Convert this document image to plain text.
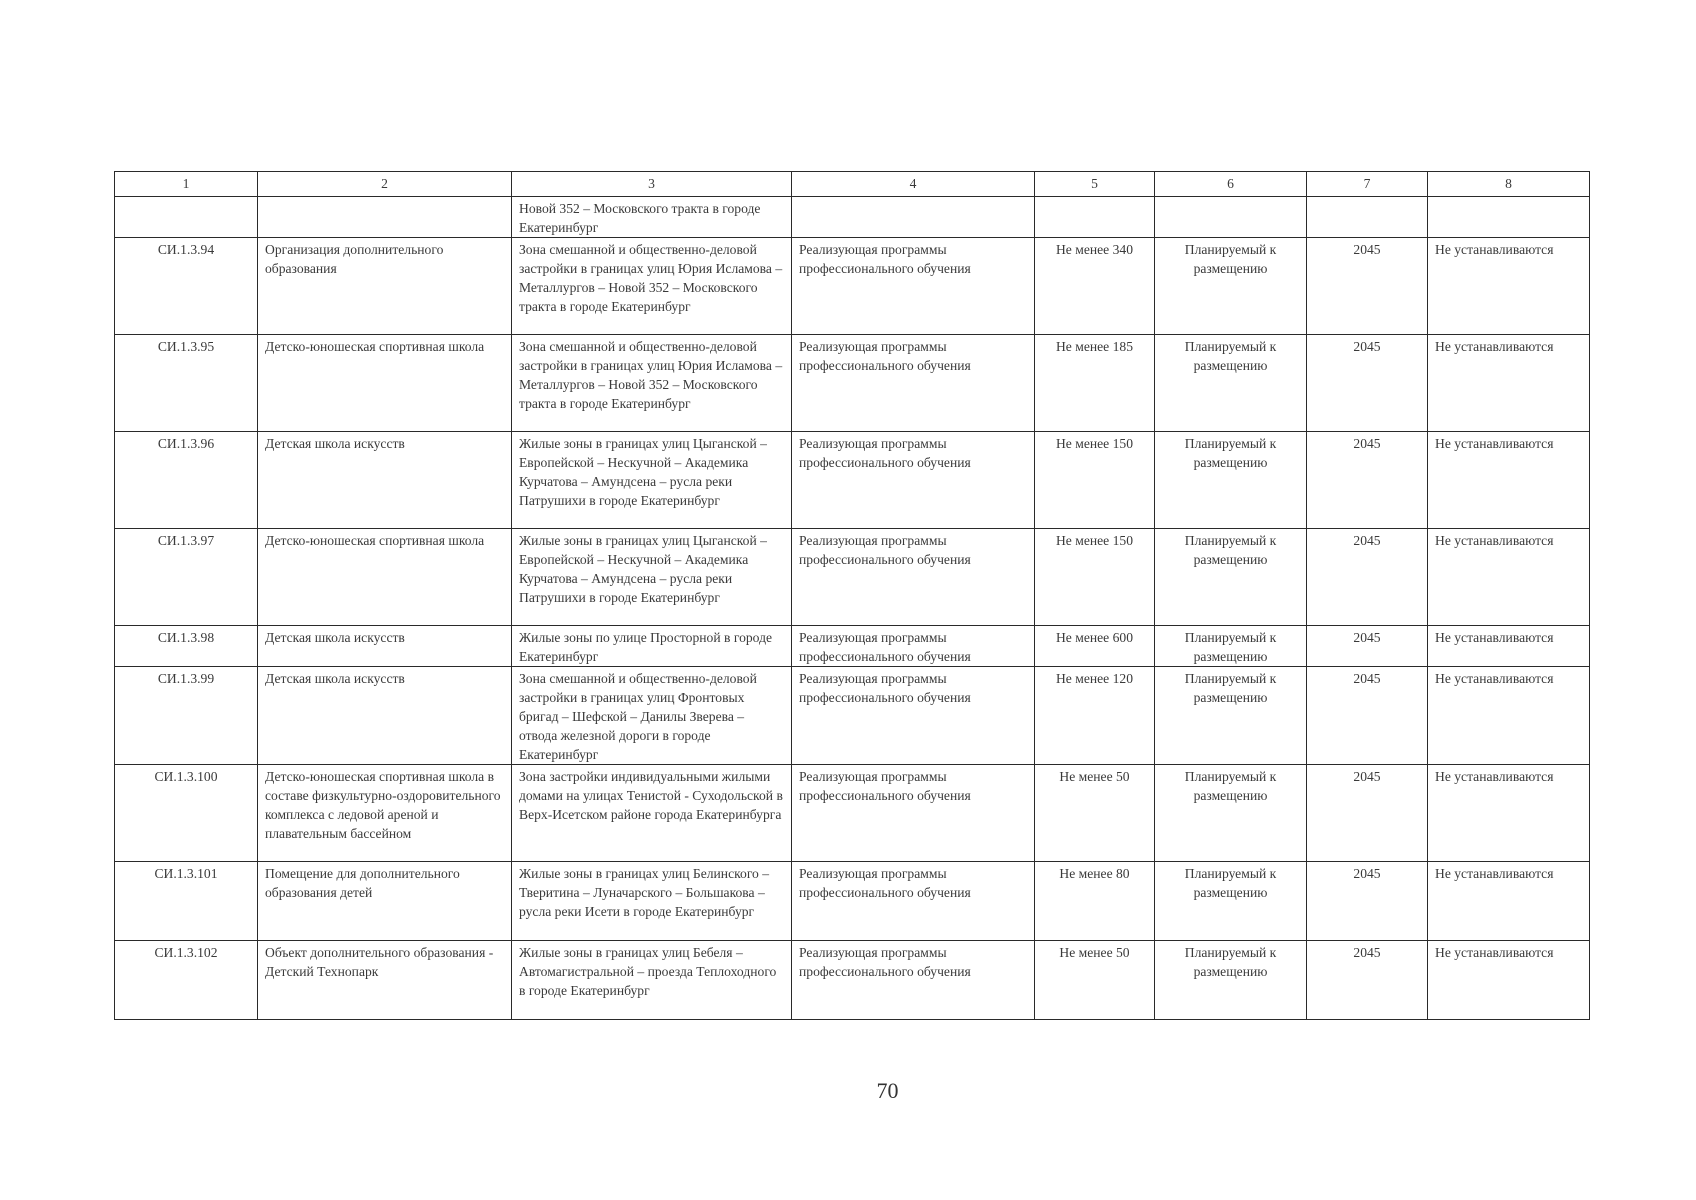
1	2	3	4	5	6	7	8
		Новой 352 – Московского тракта в городе Екатеринбург					
СИ.1.3.94	Организация дополнительного образования	Зона смешанной и общественно-деловой застройки в границах улиц Юрия Исламова – Металлургов – Новой 352 – Московского тракта в городе Екатеринбург	Реализующая программы профессионального обучения	Не менее 340	Планируемый к размещению	2045	Не устанавливаются
СИ.1.3.95	Детско-юношеская спортивная школа	Зона смешанной и общественно-деловой застройки в границах улиц Юрия Исламова – Металлургов – Новой 352 – Московского тракта в городе Екатеринбург	Реализующая программы профессионального обучения	Не менее 185	Планируемый к размещению	2045	Не устанавливаются
СИ.1.3.96	Детская школа искусств	Жилые зоны в границах улиц Цыганской – Европейской – Нескучной – Академика Курчатова – Амундсена – русла реки Патрушихи в городе Екатеринбург	Реализующая программы профессионального обучения	Не менее 150	Планируемый к размещению	2045	Не устанавливаются
СИ.1.3.97	Детско-юношеская спортивная школа	Жилые зоны в границах улиц Цыганской – Европейской – Нескучной – Академика Курчатова – Амундсена – русла реки Патрушихи в городе Екатеринбург	Реализующая программы профессионального обучения	Не менее 150	Планируемый к размещению	2045	Не устанавливаются
СИ.1.3.98	Детская школа искусств	Жилые зоны по улице Просторной в городе Екатеринбург	Реализующая программы профессионального обучения	Не менее 600	Планируемый к размещению	2045	Не устанавливаются
СИ.1.3.99	Детская школа искусств	Зона смешанной и общественно-деловой застройки в границах улиц Фронтовых бригад – Шефской – Данилы Зверева – отвода железной дороги в городе Екатеринбург	Реализующая программы профессионального обучения	Не менее 120	Планируемый к размещению	2045	Не устанавливаются
СИ.1.3.100	Детско-юношеская спортивная школа в составе физкультурно-оздоровительного комплекса с ледовой ареной и плавательным бассейном	Зона застройки индивидуальными жилыми домами на улицах Тенистой - Суходольской в Верх-Исетском районе города Екатеринбурга	Реализующая программы профессионального обучения	Не менее 50	Планируемый к размещению	2045	Не устанавливаются
СИ.1.3.101	Помещение для дополнительного образования детей	Жилые зоны в границах улиц Белинского – Тверитина – Луначарского – Большакова – русла реки Исети в городе Екатеринбург	Реализующая программы профессионального обучения	Не менее 80	Планируемый к размещению	2045	Не устанавливаются
СИ.1.3.102	Объект дополнительного образования - Детский Технопарк	Жилые зоны в границах улиц Бебеля – Автомагистральной – проезда Теплоходного в городе Екатеринбург	Реализующая программы профессионального обучения	Не менее 50	Планируемый к размещению	2045	Не устанавливаются
70
